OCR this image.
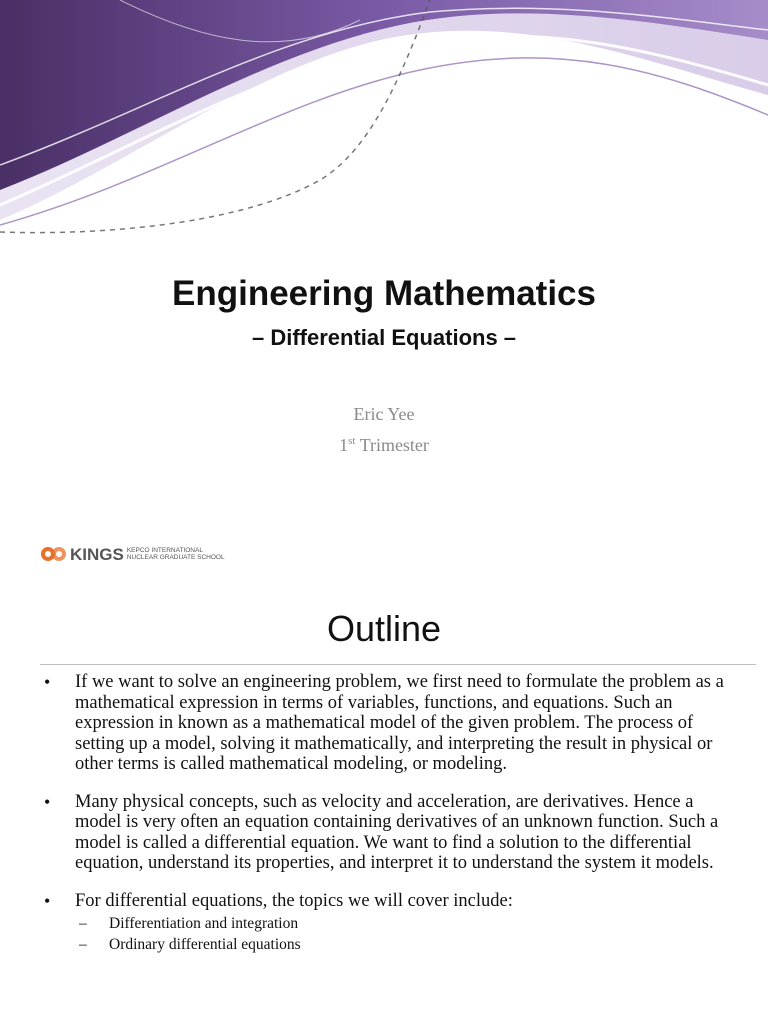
Engineering Mathematics
– Differential Equations –
Eric Yee
1st Trimester
KINGS KEPCO INTERNATIONAL
NUCLEAR GRADUATE SCHOOL
Outline
• If we want to solve an engineering problem, we first need to formulate the problem as a mathematical expression in terms of variables, functions, and equations. Such an expression in known as a mathematical model of the given problem. The process of setting up a model, solving it mathematically, and interpreting the result in physical or other terms is called mathematical modeling, or modeling.
• Many physical concepts, such as velocity and acceleration, are derivatives. Hence a model is very often an equation containing derivatives of an unknown function. Such a model is called a differential equation. We want to find a solution to the differential equation, understand its properties, and interpret it to understand the system it models.
• For differential equations, the topics we will cover include:
– Differentiation and integration
– Ordinary differential equations
